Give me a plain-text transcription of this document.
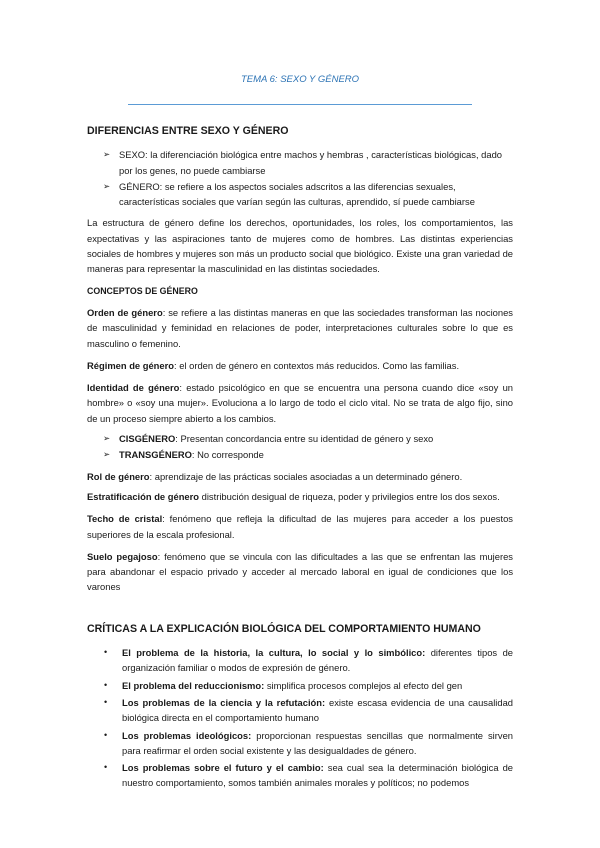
TEMA 6: SEXO Y GÉNERO
DIFERENCIAS ENTRE SEXO Y GÉNERO
➢ SEXO: la diferenciación biológica entre machos y hembras , características biológicas, dado por los genes, no puede cambiarse
➢ GÉNERO: se refiere a los aspectos sociales adscritos a las diferencias sexuales, características sociales que varían según las culturas, aprendido, sí puede cambiarse

La estructura de género define los derechos, oportunidades, los roles, los comportamientos, las expectativas y las aspiraciones tanto de mujeres como de hombres. Las distintas experiencias sociales de hombres y mujeres son más un producto social que biológico. Existe una gran variedad de maneras para representar la masculinidad en las distintas sociedades.

CONCEPTOS DE GÉNERO

Orden de género: se refiere a las distintas maneras en que las sociedades transforman las nociones de masculinidad y feminidad en relaciones de poder, interpretaciones culturales sobre lo que es masculino o femenino.

Régimen de género: el orden de género en contextos más reducidos. Como las familias.

Identidad de género: estado psicológico en que se encuentra una persona cuando dice «soy un hombre» o «soy una mujer». Evoluciona a lo largo de todo el ciclo vital. No se trata de algo fijo, sino de un proceso siempre abierto a los cambios.

➢ CISGÉNERO: Presentan concordancia entre su identidad de género y sexo
➢ TRANSGÉNERO: No corresponde

Rol de género: aprendizaje de las prácticas sociales asociadas a un determinado género.

Estratificación de género distribución desigual de riqueza, poder y privilegios entre los dos sexos.

Techo de cristal: fenómeno que refleja la dificultad de las mujeres para acceder a los puestos superiores de la escala profesional.

Suelo pegajoso: fenómeno que se vincula con las dificultades a las que se enfrentan las mujeres para abandonar el espacio privado y acceder al mercado laboral en igual de condiciones que los varones

CRÍTICAS A LA EXPLICACIÓN BIOLÓGICA DEL COMPORTAMIENTO HUMANO
• El problema de la historia, la cultura, lo social y lo simbólico: diferentes tipos de organización familiar o modos de expresión de género.
• El problema del reduccionismo: simplifica procesos complejos al efecto del gen
• Los problemas de la ciencia y la refutación: existe escasa evidencia de una causalidad biológica directa en el comportamiento humano
• Los problemas ideológicos: proporcionan respuestas sencillas que normalmente sirven para reafirmar el orden social existente y las desigualdades de género.
• Los problemas sobre el futuro y el cambio: sea cual sea la determinación biológica de nuestro comportamiento, somos también animales morales y políticos; no podemos
